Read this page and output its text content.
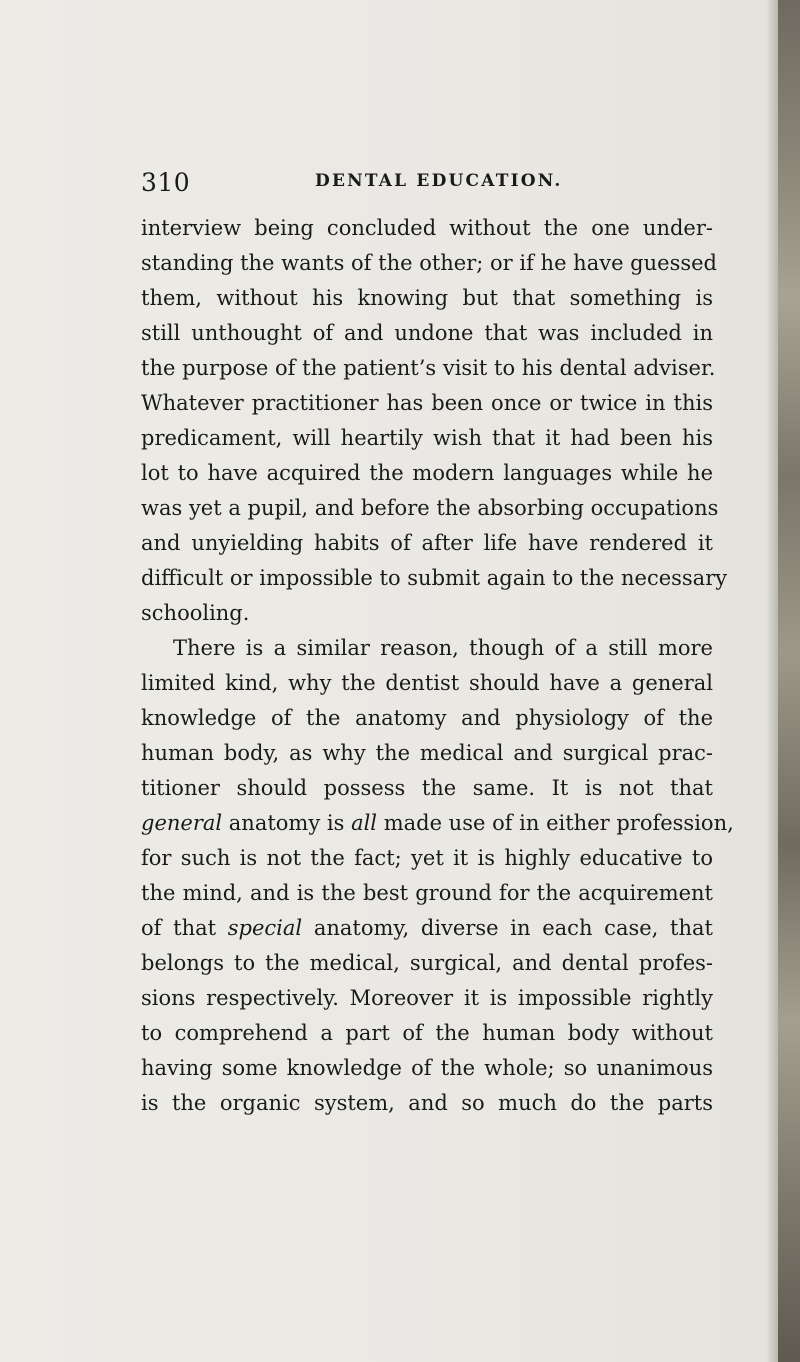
310	DENTAL EDUCATION.
interview being concluded without the one under-
standing the wants of the other; or if he have guessed
them, without his knowing but that something is
still unthought of and undone that was included in
the purpose of the patient’s visit to his dental adviser.
Whatever practitioner has been once or twice in this
predicament, will heartily wish that it had been his
lot to have acquired the modern languages while he
was yet a pupil, and before the absorbing occupations
and unyielding habits of after life have rendered it
difficult or impossible to submit again to the necessary
schooling.
There is a similar reason, though of a still more
limited kind, why the dentist should have a general
knowledge of the anatomy and physiology of the
human body, as why the medical and surgical prac-
titioner should possess the same. It is not that
general anatomy is all made use of in either profession,
for such is not the fact; yet it is highly educative to
the mind, and is the best ground for the acquirement
of that special anatomy, diverse in each case, that
belongs to the medical, surgical, and dental profes-
sions respectively. Moreover it is impossible rightly
to comprehend a part of the human body without
having some knowledge of the whole; so unanimous
is the organic system, and so much do the parts
